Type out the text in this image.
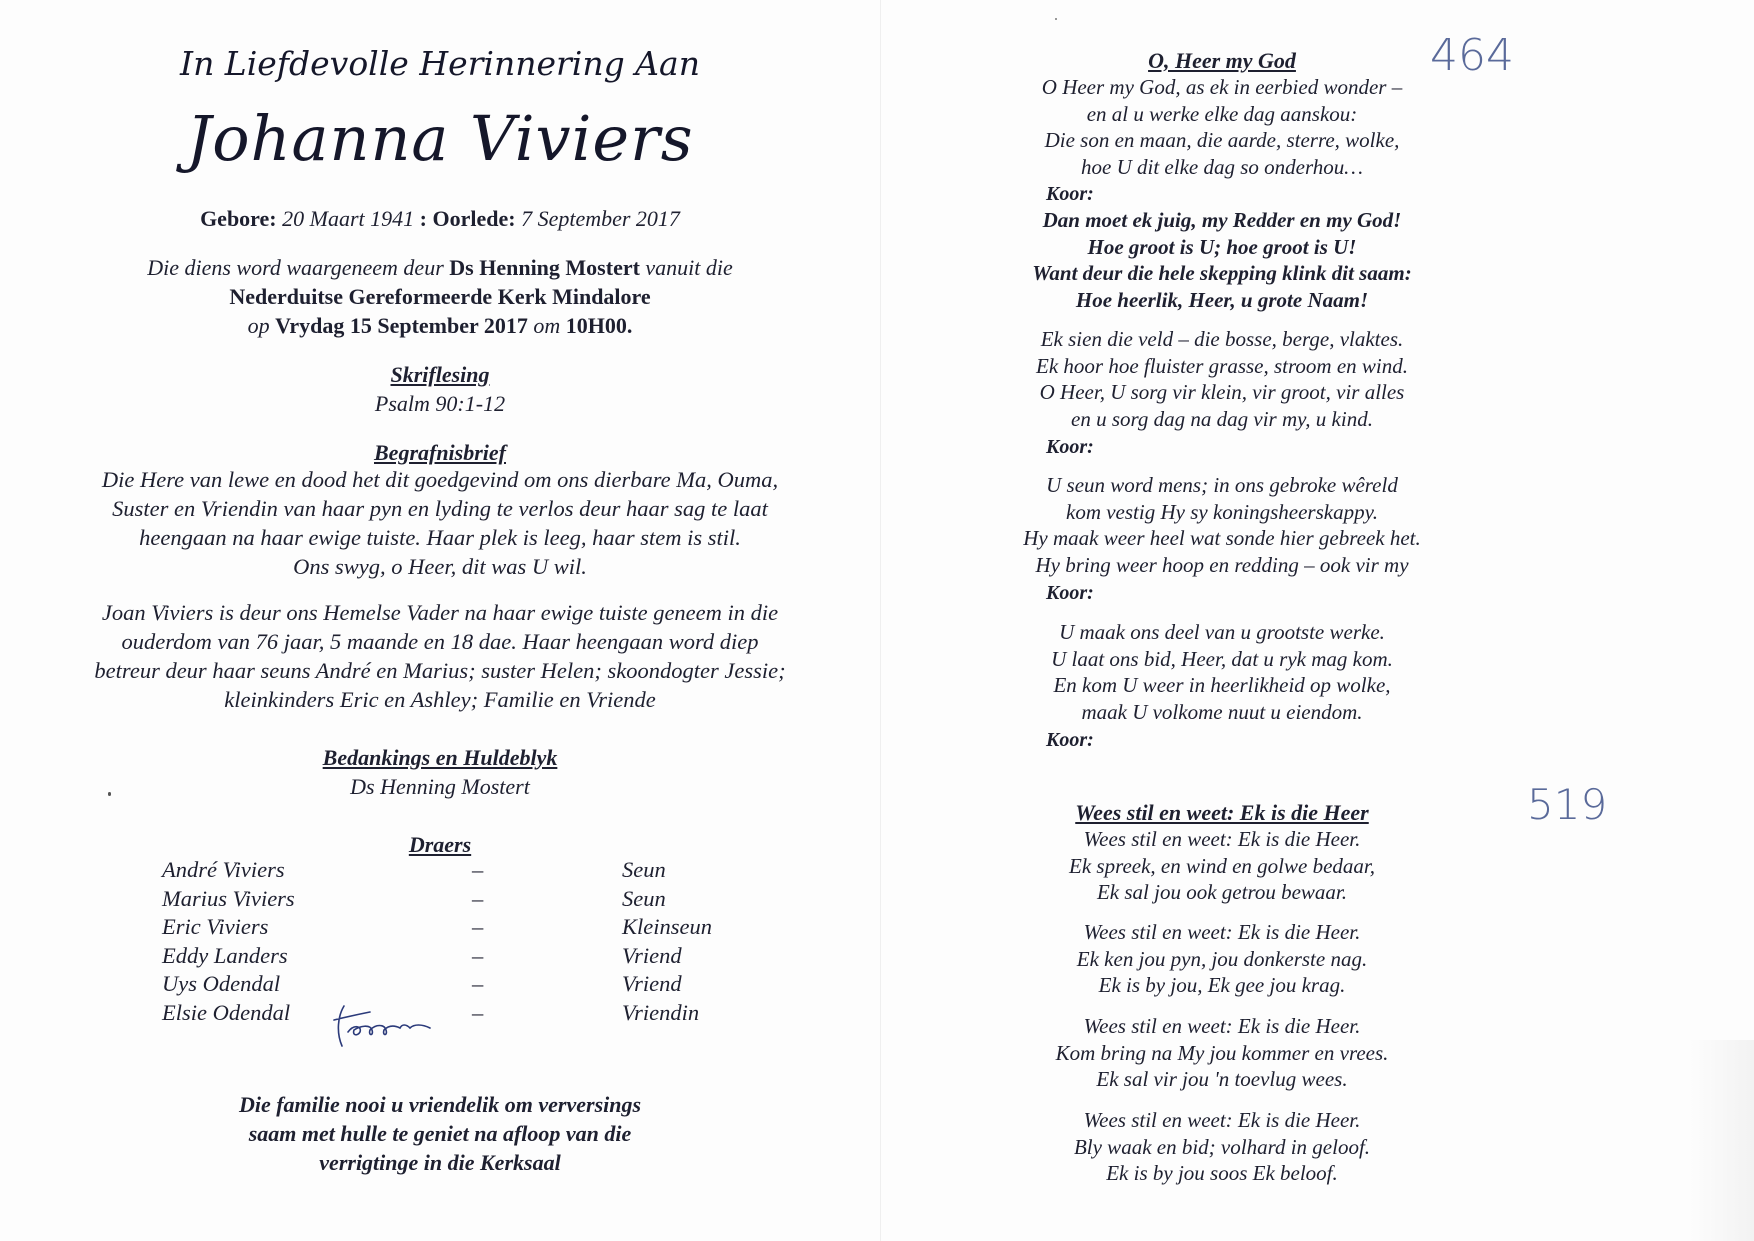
In Liefdevolle Herinnering Aan
Johanna Viviers
Gebore: 20 Maart 1941 : Oorlede: 7 September 2017
Die diens word waargeneem deur Ds Henning Mostert vanuit die
Nederduitse Gereformeerde Kerk Mindalore
op Vrydag 15 September 2017 om 10H00.
Skriflesing
Psalm 90:1-12
Begrafnisbrief
Die Here van lewe en dood het dit goedgevind om ons dierbare Ma, Ouma,
Suster en Vriendin van haar pyn en lyding te verlos deur haar sag te laat
heengaan na haar ewige tuiste. Haar plek is leeg, haar stem is stil.
Ons swyg, o Heer, dit was U wil.
Joan Viviers is deur ons Hemelse Vader na haar ewige tuiste geneem in die
ouderdom van 76 jaar, 5 maande en 18 dae. Haar heengaan word diep
betreur deur haar seuns André en Marius; suster Helen; skoondogter Jessie;
kleinkinders Eric en Ashley; Familie en Vriende
Bedankings en Huldeblyk
Ds Henning Mostert
Draers
André Viviers	–	Seun
Marius Viviers	–	Seun
Eric Viviers	–	Kleinseun
Eddy Landers	–	Vriend
Uys Odendal	–	Vriend
Elsie Odendal	–	Vriendin
Die familie nooi u vriendelik om verversings
saam met hulle te geniet na afloop van die
verrigtinge in die Kerksaal
O, Heer my God	464
O Heer my God, as ek in eerbied wonder –
en al u werke elke dag aanskou:
Die son en maan, die aarde, sterre, wolke,
hoe U dit elke dag so onderhou…
Koor:
Dan moet ek juig, my Redder en my God!
Hoe groot is U; hoe groot is U!
Want deur die hele skepping klink dit saam:
Hoe heerlik, Heer, u grote Naam!
Ek sien die veld – die bosse, berge, vlaktes.
Ek hoor hoe fluister grasse, stroom en wind.
O Heer, U sorg vir klein, vir groot, vir alles
en u sorg dag na dag vir my, u kind.
Koor:
U seun word mens; in ons gebroke wêreld
kom vestig Hy sy koningsheerskappy.
Hy maak weer heel wat sonde hier gebreek het.
Hy bring weer hoop en redding – ook vir my
Koor:
U maak ons deel van u grootste werke.
U laat ons bid, Heer, dat u ryk mag kom.
En kom U weer in heerlikheid op wolke,
maak U volkome nuut u eiendom.
Koor:
Wees stil en weet: Ek is die Heer	519
Wees stil en weet: Ek is die Heer.
Ek spreek, en wind en golwe bedaar,
Ek sal jou ook getrou bewaar.
Wees stil en weet: Ek is die Heer.
Ek ken jou pyn, jou donkerste nag.
Ek is by jou, Ek gee jou krag.
Wees stil en weet: Ek is die Heer.
Kom bring na My jou kommer en vrees.
Ek sal vir jou 'n toevlug wees.
Wees stil en weet: Ek is die Heer.
Bly waak en bid; volhard in geloof.
Ek is by jou soos Ek beloof.
